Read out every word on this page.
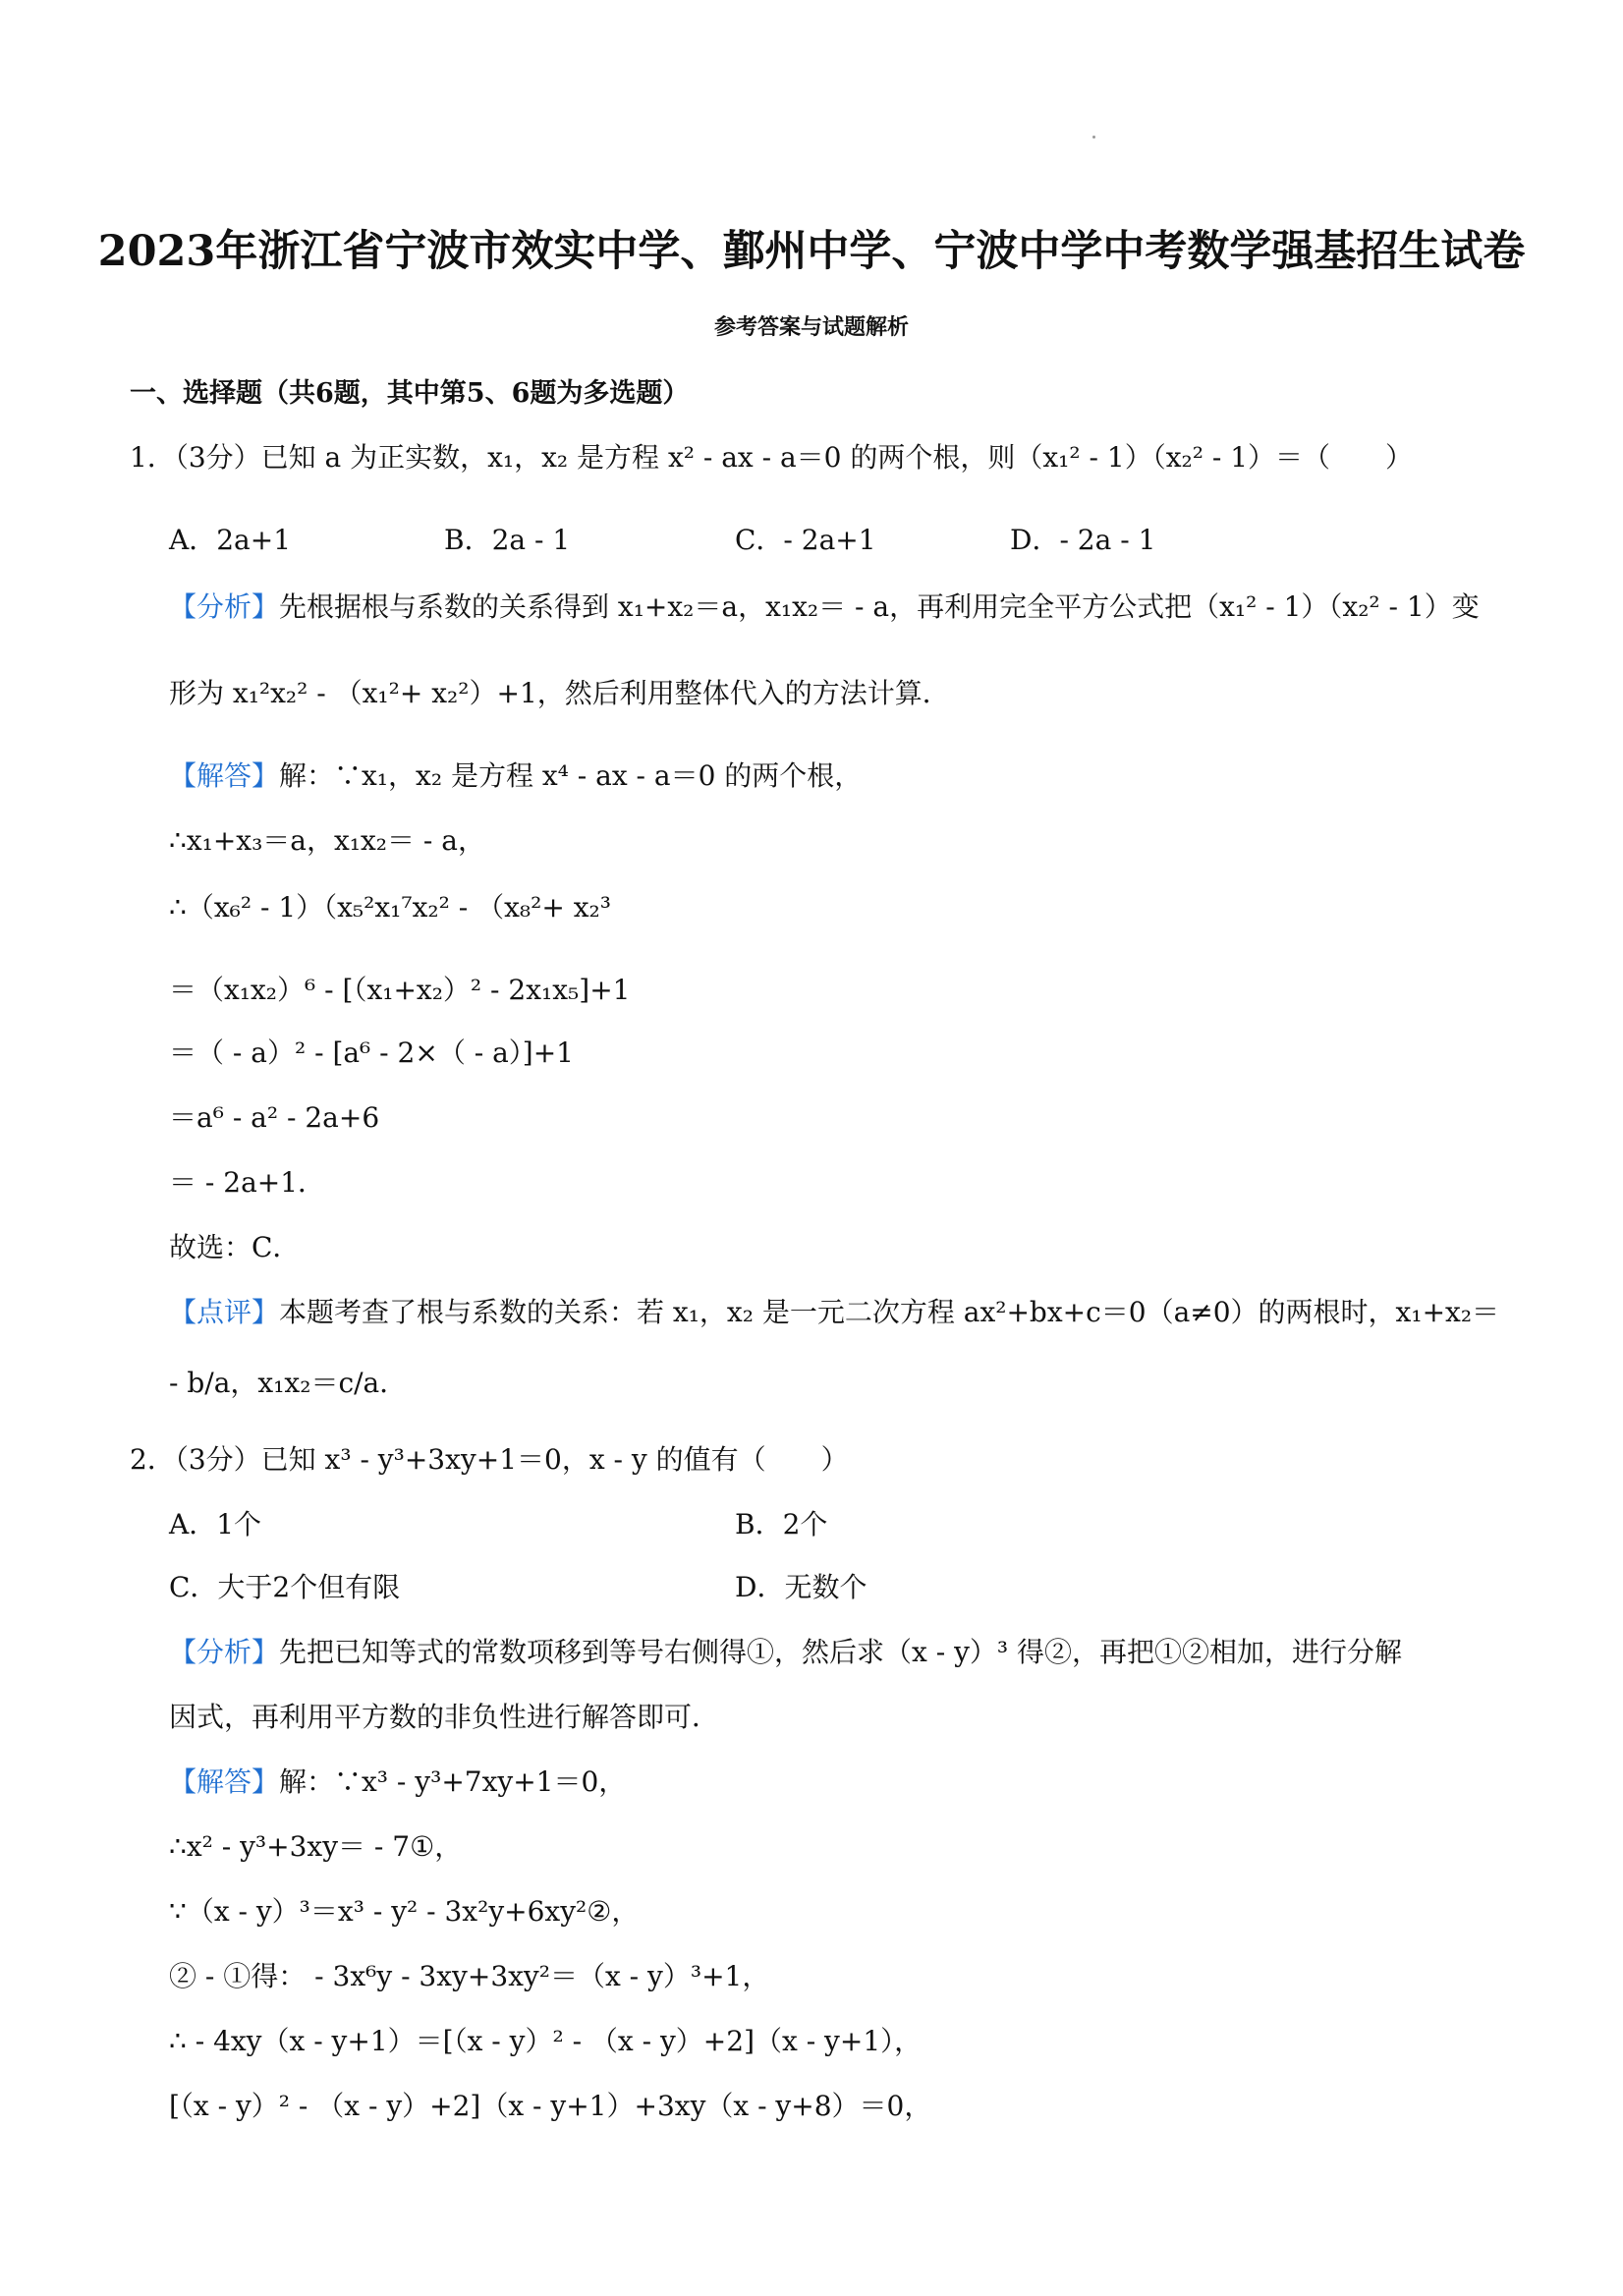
2023年浙江省宁波市效实中学、鄞州中学、宁波中学中考数学强基招生试卷
参考答案与试题解析
一、选择题（共6题，其中第5、6题为多选题）
1．（3分）已知 a 为正实数，x₁，x₂ 是方程 x² - ax - a＝0 的两个根，则（x₁² - 1）（x₂² - 1）＝（　　）
A．2a+1	B．2a - 1	C．- 2a+1	D．- 2a - 1
【分析】先根据根与系数的关系得到 x₁+x₂＝a，x₁x₂＝ - a，再利用完全平方公式把（x₁² - 1）（x₂² - 1）变
形为 x₁²x₂² - （x₁²+ x₂²）+1，然后利用整体代入的方法计算．
【解答】解：∵x₁，x₂ 是方程 x⁴ - ax - a＝0 的两个根，
∴x₁+x₃＝a，x₁x₂＝ - a，
∴（x₆² - 1）（x₅²x₁⁷x₂² - （x₈²+ x₂³
＝（x₁x₂）⁶ - [（x₁+x₂）² - 2x₁x₅]+1
＝（ - a）² - [a⁶ - 2×（ - a）]+1
＝a⁶ - a² - 2a+6
＝ - 2a+1．
故选：C．
【点评】本题考查了根与系数的关系：若 x₁，x₂ 是一元二次方程 ax²+bx+c＝0（a≠0）的两根时，x₁+x₂＝
- b/a，x₁x₂＝c/a．
2．（3分）已知 x³ - y³+3xy+1＝0，x - y 的值有（　　）
A．1个	B．2个
C．大于2个但有限	D．无数个
【分析】先把已知等式的常数项移到等号右侧得①，然后求（x - y）³ 得②，再把①②相加，进行分解
因式，再利用平方数的非负性进行解答即可．
【解答】解：∵x³ - y³+7xy+1＝0，
∴x² - y³+3xy＝ - 7①，
∵（x - y）³＝x³ - y² - 3x²y+6xy²②，
② - ①得： - 3x⁶y - 3xy+3xy²＝（x - y）³+1，
∴ - 4xy（x - y+1）＝[（x - y）² - （x - y）+2]（x - y+1），
[（x - y）² - （x - y）+2]（x - y+1）+3xy（x - y+8）＝0，
